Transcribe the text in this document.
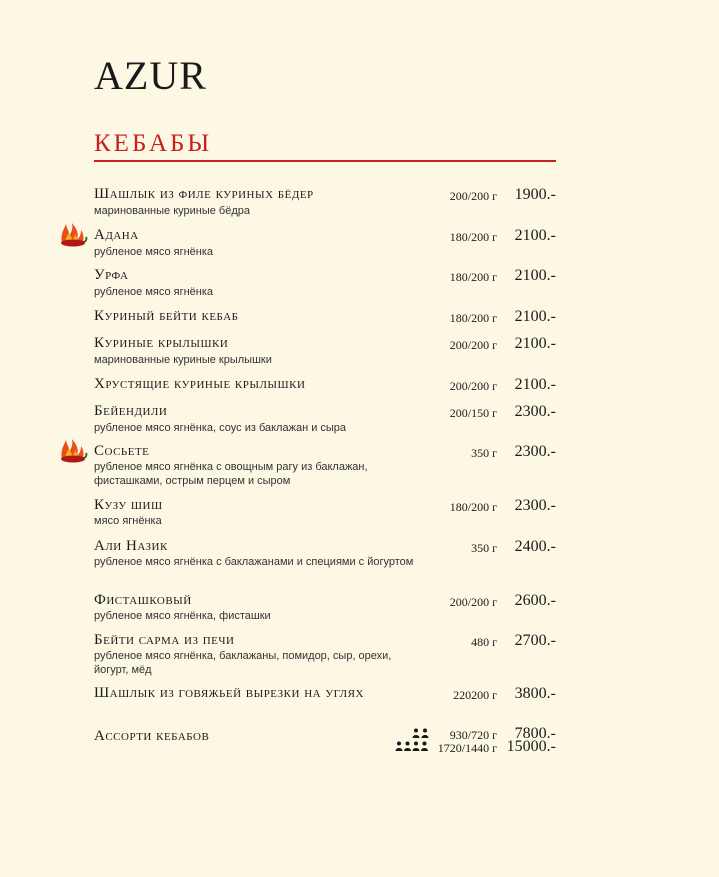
AZUR
КЕБАБЫ
Шашлык из филе куриных бёдер
маринованные куриные бёдра
200/200 г 1900.-
Адана
рубленое мясо ягнёнка
180/200 г 2100.-
Урфа
рубленое мясо ягнёнка
180/200 г 2100.-
Куриный бейти кебаб	180/200 г 2100.-
Куриные крылышки
маринованные куриные крылышки
200/200 г 2100.-
Хрустящие куриные крылышки	200/200 г 2100.-
Бейендили
рубленое мясо ягнёнка, соус из баклажан и сыра
200/150 г 2300.-
Сосьете
рубленое мясо ягнёнка с овощным рагу из баклажан, фисташками, острым перцем и сыром
350 г 2300.-
Кузу шиш
мясо ягнёнка
180/200 г 2300.-
Али Назик
рубленое мясо ягнёнка с баклажанами и специями с йогуртом
350 г 2400.-
Фисташковый
рубленое мясо ягнёнка, фисташки
200/200 г 2600.-
Бейти сарма из печи
рубленое мясо ягнёнка, баклажаны, помидор, сыр, орехи, йогурт, мёд
480 г 2700.-
Шашлык из говяжьей вырезки на углях	220200 г 3800.-
Ассорти кебабов	930/720 г 7800.-
1720/1440 г 15000.-
